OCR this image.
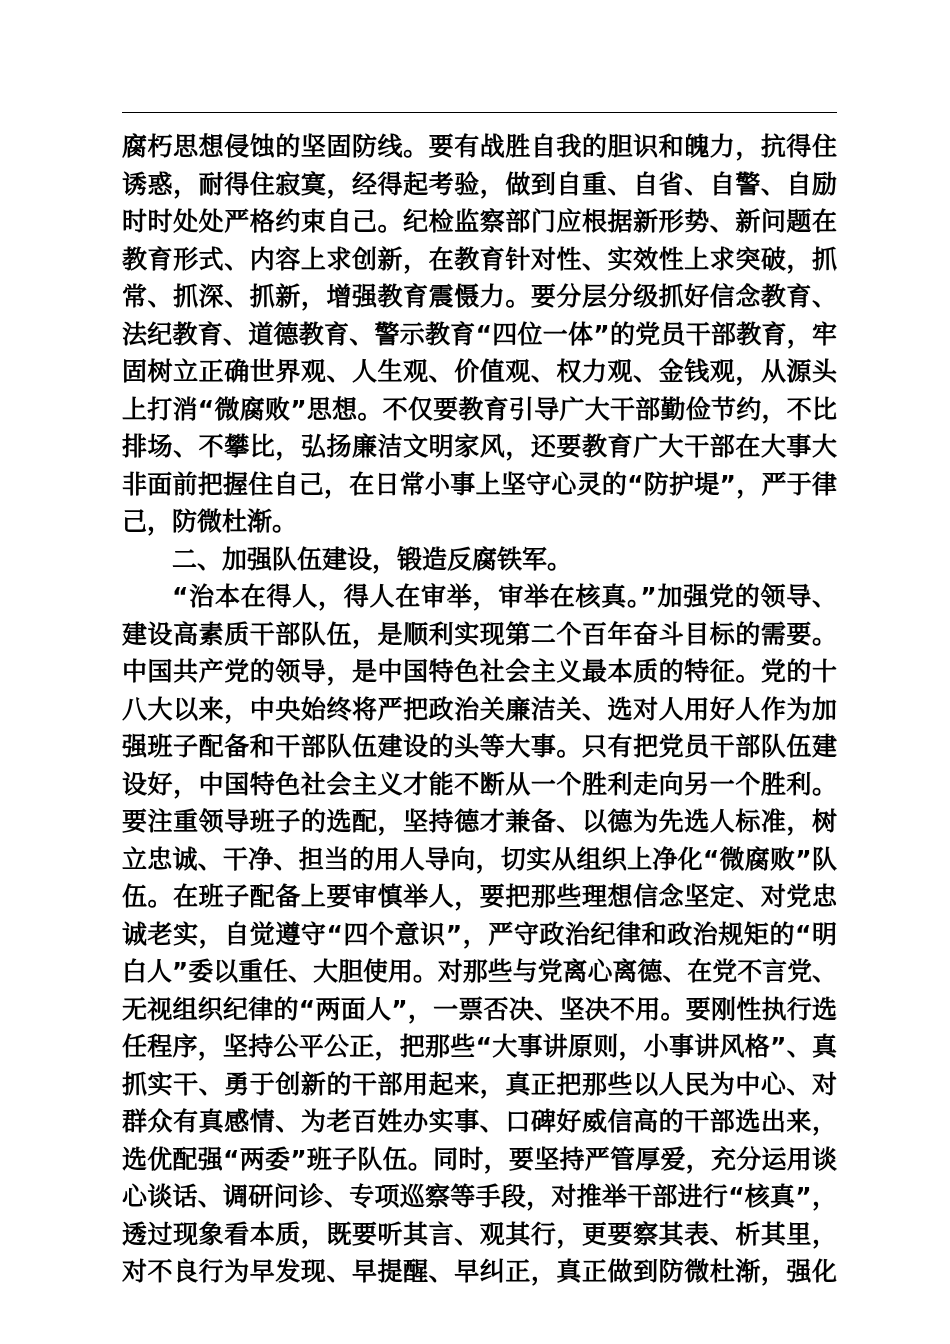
腐朽思想侵蚀的坚固防线。要有战胜自我的胆识和魄力，抗得住
诱惑，耐得住寂寞，经得起考验，做到自重、自省、自警、自励
时时处处严格约束自己。纪检监察部门应根据新形势、新问题在
教育形式、内容上求创新，在教育针对性、实效性上求突破，抓
常、抓深、抓新，增强教育震慑力。要分层分级抓好信念教育、
法纪教育、道德教育、警示教育“四位一体”的党员干部教育，牢
固树立正确世界观、人生观、价值观、权力观、金钱观，从源头
上打消“微腐败”思想。不仅要教育引导广大干部勤俭节约，不比
排场、不攀比，弘扬廉洁文明家风，还要教育广大干部在大事大
非面前把握住自己，在日常小事上坚守心灵的“防护堤”，严于律
己，防微杜渐。
二、加强队伍建设，锻造反腐铁军。
“治本在得人，得人在审举，审举在核真。”加强党的领导、
建设高素质干部队伍，是顺利实现第二个百年奋斗目标的需要。
中国共产党的领导，是中国特色社会主义最本质的特征。党的十
八大以来，中央始终将严把政治关廉洁关、选对人用好人作为加
强班子配备和干部队伍建设的头等大事。只有把党员干部队伍建
设好，中国特色社会主义才能不断从一个胜利走向另一个胜利。
要注重领导班子的选配，坚持德才兼备、以德为先选人标准，树
立忠诚、干净、担当的用人导向，切实从组织上净化“微腐败”队
伍。在班子配备上要审慎举人，要把那些理想信念坚定、对党忠
诚老实，自觉遵守“四个意识”，严守政治纪律和政治规矩的“明
白人”委以重任、大胆使用。对那些与党离心离德、在党不言党、
无视组织纪律的“两面人”，一票否决、坚决不用。要刚性执行选
任程序，坚持公平公正，把那些“大事讲原则，小事讲风格”、真
抓实干、勇于创新的干部用起来，真正把那些以人民为中心、对
群众有真感情、为老百姓办实事、口碑好威信高的干部选出来，
选优配强“两委”班子队伍。同时，要坚持严管厚爱，充分运用谈
心谈话、调研问诊、专项巡察等手段，对推举干部进行“核真”，
透过现象看本质，既要听其言、观其行，更要察其表、析其里，
对不良行为早发现、早提醒、早纠正，真正做到防微杜渐，强化
